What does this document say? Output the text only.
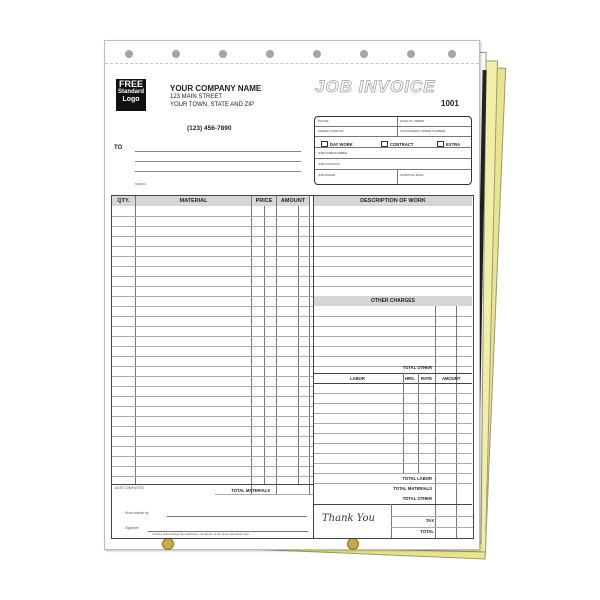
FREE
Standard
Logo
YOUR COMPANY NAME
123 MAIN STREET
YOUR TOWN, STATE AND ZIP
(123) 456-7890
JOB INVOICE
1001
TO
TERMS
PHONE	DATE OF ORDER
ORDER TAKEN BY	CUSTOMER'S ORDER NUMBER
DAY WORK	CONTRACT	EXTRA
JOB NAME/NUMBER
JOB LOCATION
JOB PHONE	STARTING DATE
QTY.	MATERIAL	PRICE	AMOUNT	DESCRIPTION OF WORK
DATE COMPLETED	TOTAL MATERIALS
OTHER CHARGES
TOTAL OTHER
LABOR	HRS. RATE AMOUNT
TOTAL LABOR
TOTAL MATERIALS
TOTAL OTHER
Thank You	TAX
TOTAL
Work ordered by
Signature
I hereby acknowledge the satisfactory completion of the above described work.
